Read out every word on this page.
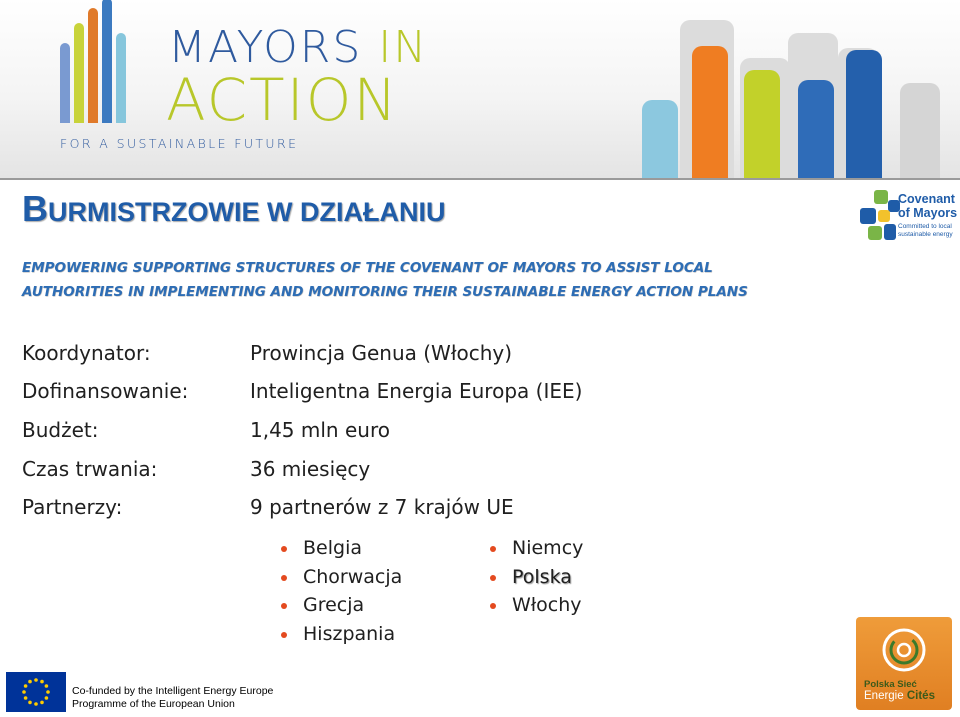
MAYORS IN
ACTION
FOR A SUSTAINABLE FUTURE
Covenant
of Mayors
Committed to local
sustainable energy
BURMISTRZOWIE W DZIAŁANIU
EMPOWERING SUPPORTING STRUCTURES OF THE COVENANT OF MAYORS TO ASSIST LOCAL
AUTHORITIES IN IMPLEMENTING AND MONITORING THEIR SUSTAINABLE ENERGY ACTION PLANS
Koordynator:	Prowincja Genua (Włochy)
Dofinansowanie:	Inteligentna Energia Europa (IEE)
Budżet:	1,45 mln euro
Czas trwania:	36 miesięcy
Partnerzy:	9 partnerów z 7 krajów UE
Belgia
Chorwacja
Grecja
Hiszpania
Niemcy
Polska
Włochy
Co-funded by the Intelligent Energy Europe
Programme of the European Union
Polska Sieć
Energie Cités
